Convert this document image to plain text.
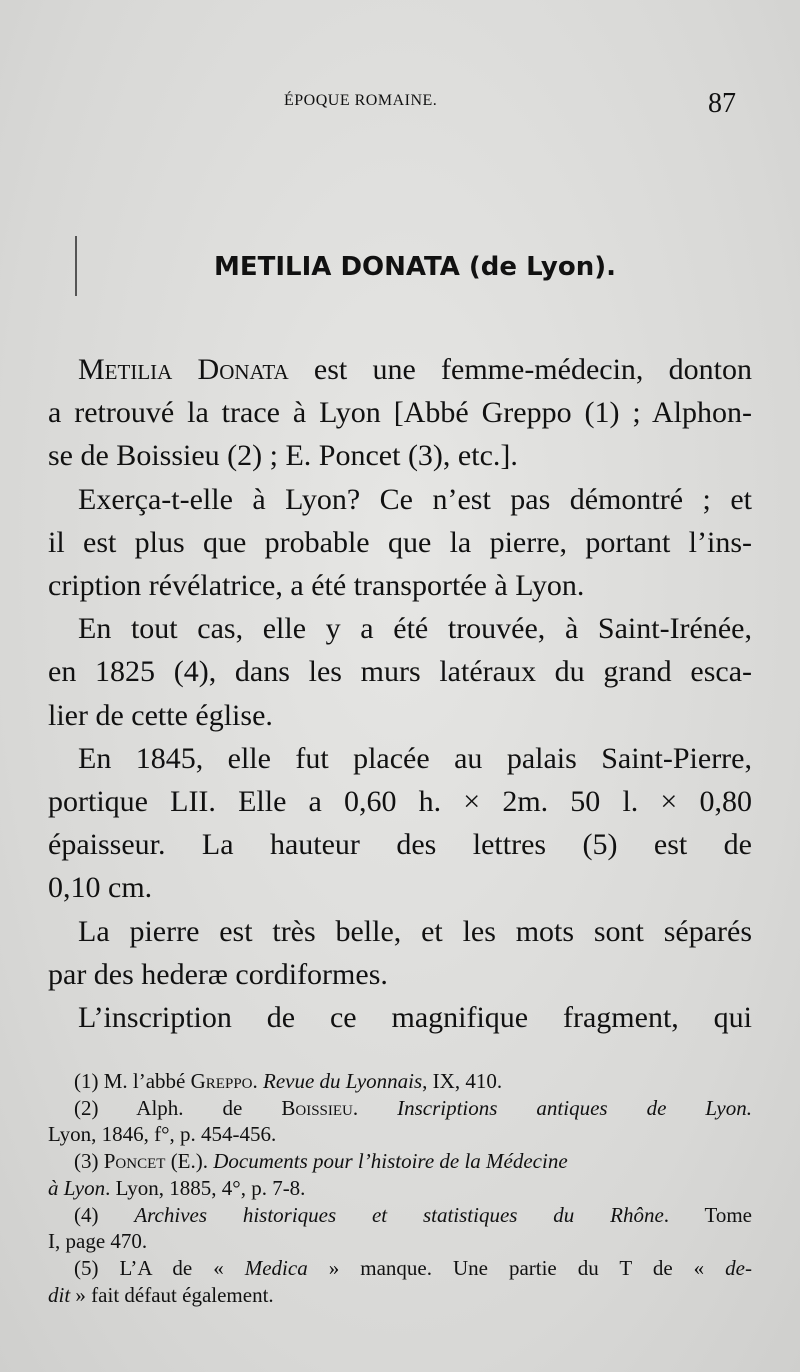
ÉPOQUE ROMAINE.	87
METILIA DONATA (de Lyon).
Metilia Donata est une femme-médecin, donton
a retrouvé la trace à Lyon [Abbé Greppo (1) ; Alphon-
se de Boissieu (2) ; E. Poncet (3), etc.].
Exerça-t-elle à Lyon? Ce n’est pas démontré ; et
il est plus que probable que la pierre, portant l’ins-
cription révélatrice, a été transportée à Lyon.
En tout cas, elle y a été trouvée, à Saint-Irénée,
en 1825 (4), dans les murs latéraux du grand esca-
lier de cette église.
En 1845, elle fut placée au palais Saint-Pierre,
portique LII. Elle a 0,60 h. × 2m. 50 l. × 0,80
épaisseur. La hauteur des lettres (5) est de
0,10 cm.
La pierre est très belle, et les mots sont séparés
par des hederæ cordiformes.
L’inscription de ce magnifique fragment, qui
(1) M. l’abbé Greppo. Revue du Lyonnais, IX, 410.
(2) Alph. de Boissieu. Inscriptions antiques de Lyon.
Lyon, 1846, f°, p. 454-456.
(3) Poncet (E.). Documents pour l’histoire de la Médecine
à Lyon. Lyon, 1885, 4°, p. 7-8.
(4) Archives historiques et statistiques du Rhône. Tome
I, page 470.
(5) L’A de « Medica » manque. Une partie du T de « de-
dit » fait défaut également.
